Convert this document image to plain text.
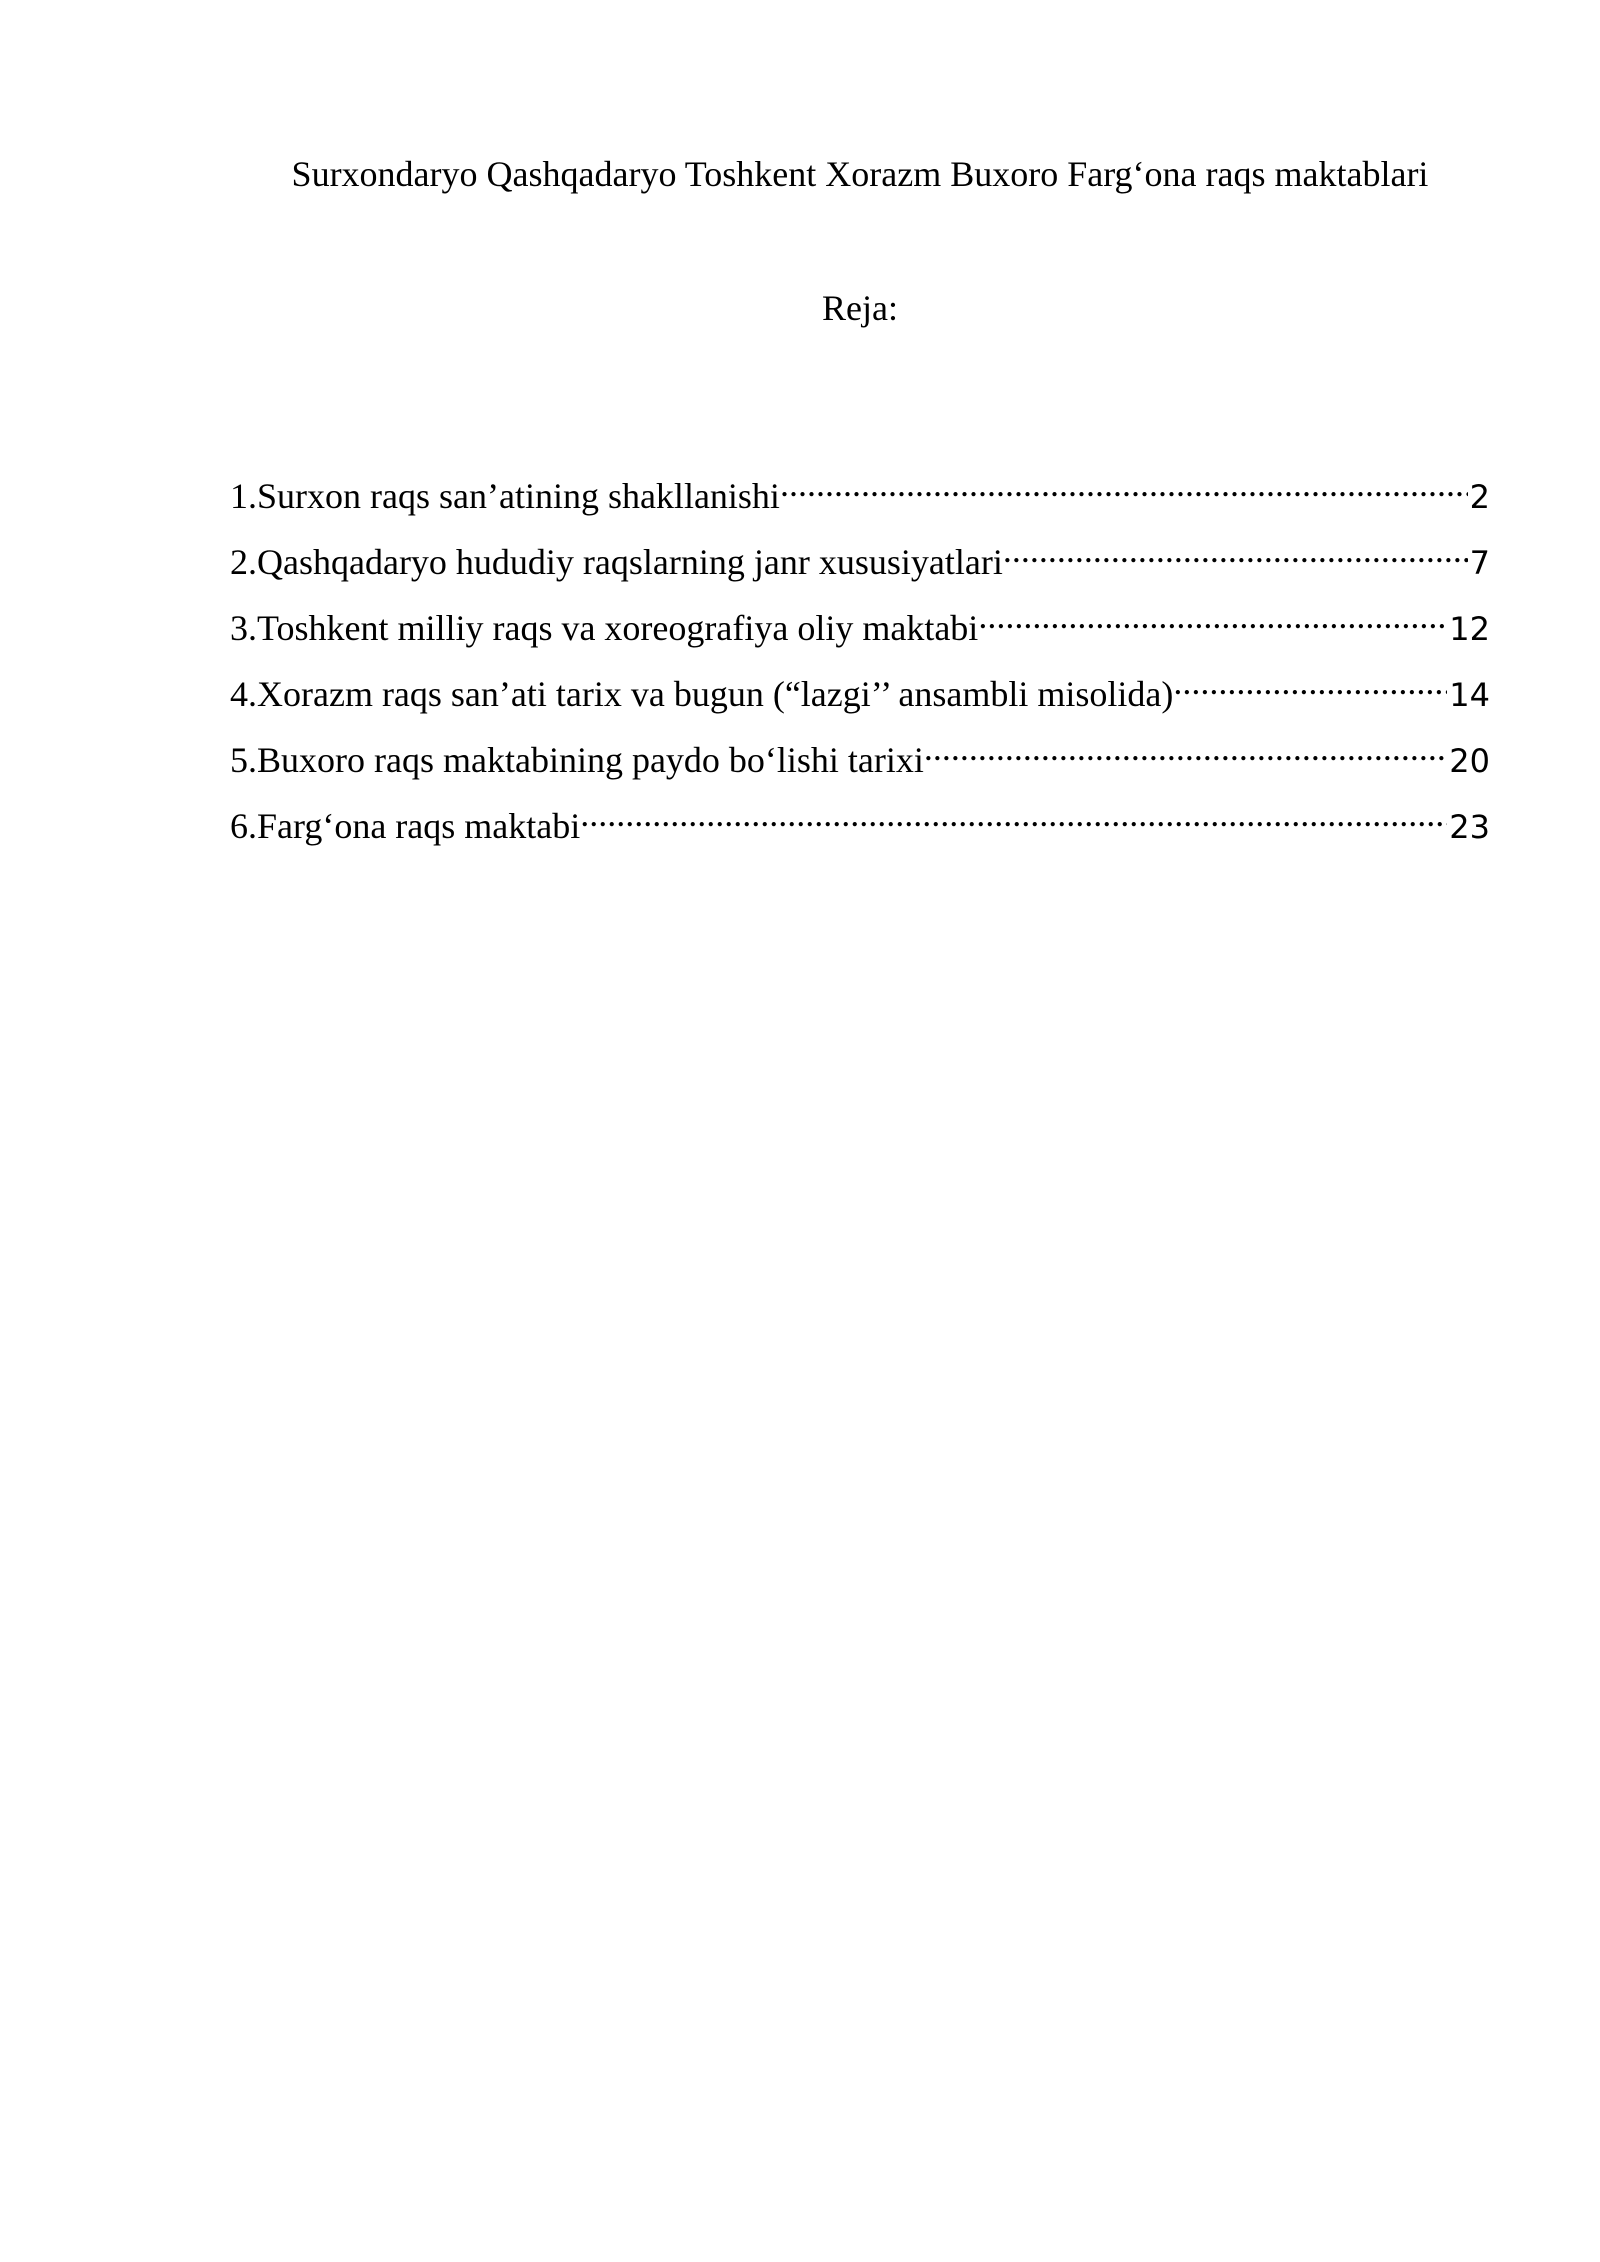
Surxondaryo Qashqadaryo Toshkent Xorazm Buxoro Farg‘ona raqs maktablari
Reja:
1.Surxon raqs san’atining shakllanishi .....	2
2.Qashqadaryo hududiy raqslarning janr xususiyatlari .....	7
3.Toshkent milliy raqs va xoreografiya oliy maktabi .....	12
4.Xorazm raqs san’ati tarix va bugun (“lazgi’’ ansambli misolida) .....	14
5.Buxoro raqs maktabining paydo bo‘lishi tarixi .....	20
6.Farg‘ona raqs maktabi .....	23
